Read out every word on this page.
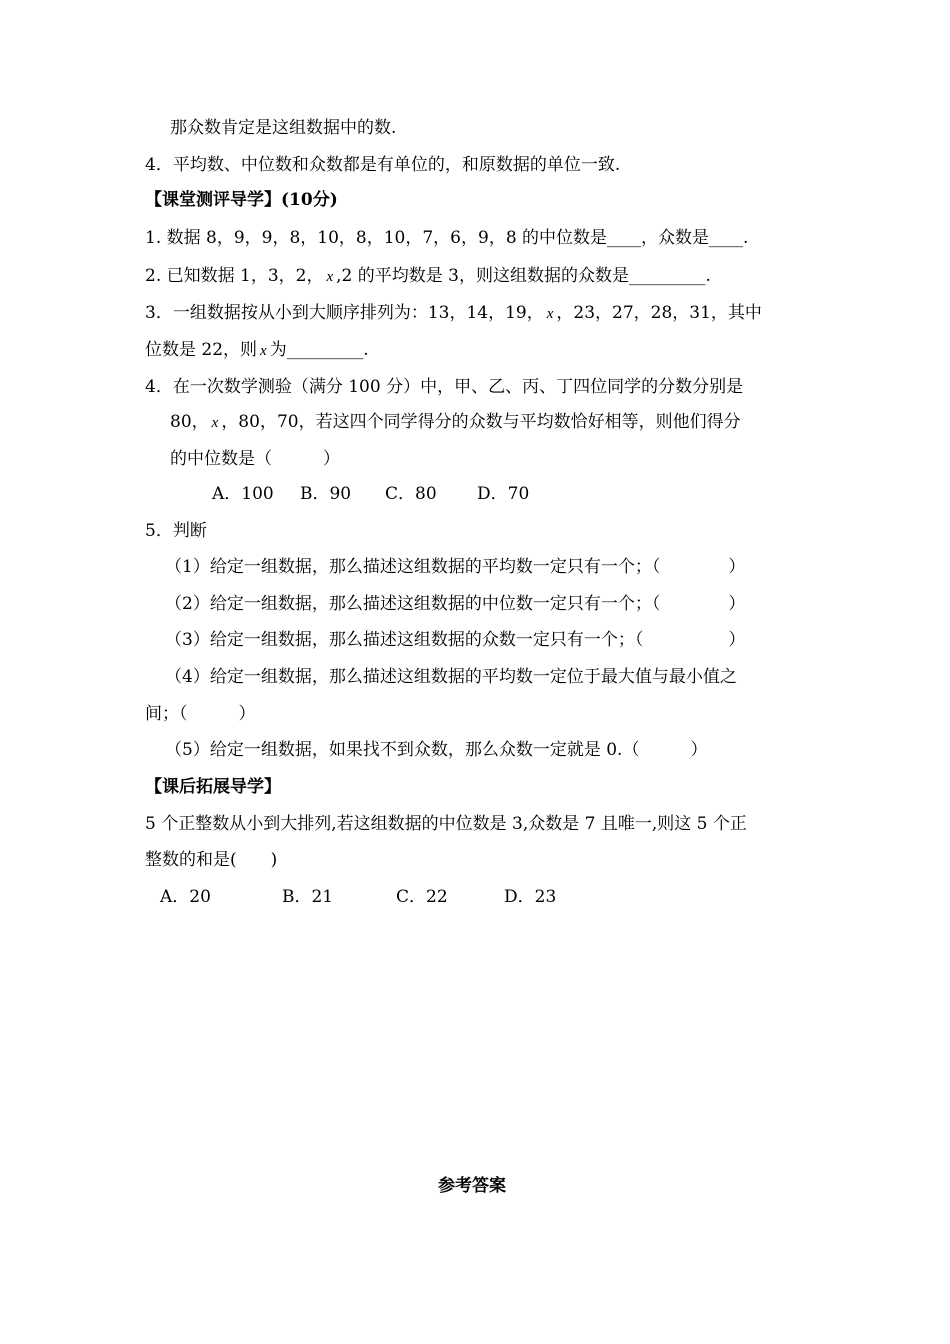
那众数肯定是这组数据中的数.
4．平均数、中位数和众数都是有单位的，和原数据的单位一致.
【课堂测评导学】(10分)
1. 数据 8，9，9，8，10，8，10，7，6，9，8 的中位数是____，众数是____.
2. 已知数据 1，3，2， x ,2 的平均数是 3，则这组数据的众数是_________.
3．一组数据按从小到大顺序排列为：13，14，19， x ，23，27，28，31，其中
位数是 22，则 x 为_________.
4．在一次数学测验（满分 100 分）中，甲、乙、丙、丁四位同学的分数分别是
80， x ，80，70，若这四个同学得分的众数与平均数恰好相等，则他们得分
的中位数是（　　　）
A．100 B．90 C．80 D．70
5．判断
（1）给定一组数据，那么描述这组数据的平均数一定只有一个；（　　　　）
（2）给定一组数据，那么描述这组数据的中位数一定只有一个；（　　　　）
（3）给定一组数据，那么描述这组数据的众数一定只有一个；（　　　　　）
（4）给定一组数据，那么描述这组数据的平均数一定位于最大值与最小值之
间；（　　　）
（5）给定一组数据，如果找不到众数，那么众数一定就是 0.（　　　）
【课后拓展导学】
5 个正整数从小到大排列,若这组数据的中位数是 3,众数是 7 且唯一,则这 5 个正
整数的和是(　　)
A．20	B．21	C．22	D．23
参考答案
